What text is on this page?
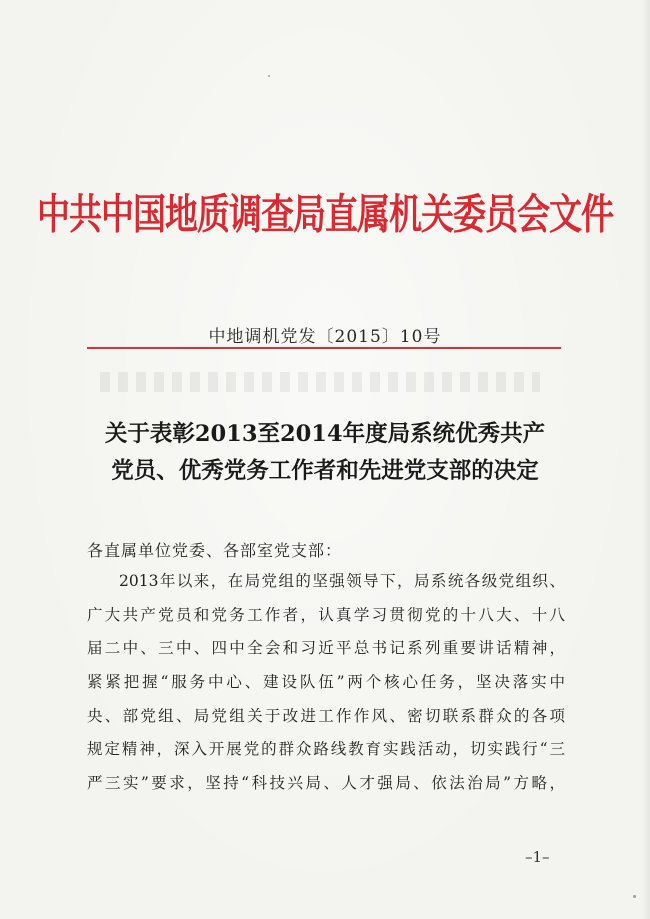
中共中国地质调查局直属机关委员会文件
中地调机党发〔2015〕10号
关于表彰2013至2014年度局系统优秀共产
党员、优秀党务工作者和先进党支部的决定
各直属单位党委、各部室党支部：
2013年以来，在局党组的坚强领导下，局系统各级党组织、
广大共产党员和党务工作者，认真学习贯彻党的十八大、十八
届二中、三中、四中全会和习近平总书记系列重要讲话精神，
紧紧把握“服务中心、建设队伍”两个核心任务，坚决落实中
央、部党组、局党组关于改进工作作风、密切联系群众的各项
规定精神，深入开展党的群众路线教育实践活动，切实践行“三
严三实”要求，坚持“科技兴局、人才强局、依法治局”方略，
–1–
